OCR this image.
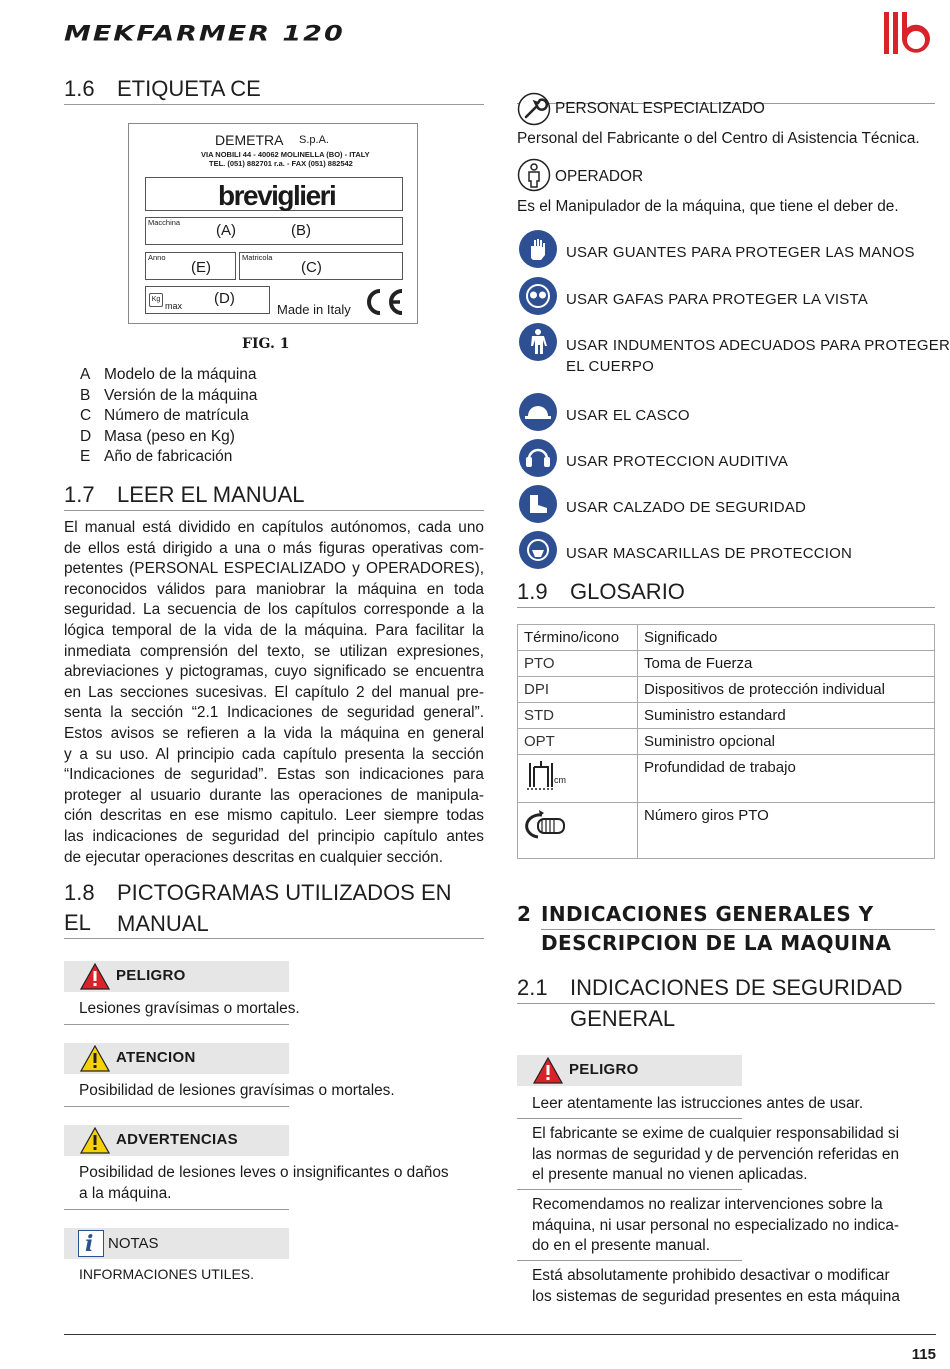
MEKFARMER 120
1.6 ETIQUETA CE
DEMETRA S.p.A.
VIA NOBILI 44 - 40062 MOLINELLA (BO) - ITALY
TEL. (051) 882701 r.a. - FAX (051) 882542
breviglieri
Macchina (A)	(B)
Anno
(E)
Matricola
(C)
Kg
max (D)
Made in Italy
FIG. 1
A Modelo de la máquina
B Versión de la máquina
C Número de matrícula
D Masa (peso en Kg)
E Año de fabricación
1.7 LEER EL MANUAL
El manual está dividido en capítulos autónomos, cada uno
de ellos está dirigido a una o más figuras operativas com-
petentes (PERSONAL ESPECIALIZADO y OPERADORES),
reconocidos válidos para maniobrar la máquina en toda
seguridad. La secuencia de los capítulos corresponde a la
lógica temporal de la vida de la máquina. Para facilitar la
inmediata comprensión del texto, se utilizan expresiones,
abreviaciones y pictogramas, cuyo significado se encuentra
en Las secciones sucesivas. El capítulo 2 del manual pre-
senta la sección “2.1 Indicaciones de seguridad general”.
Estos avisos se refieren a la vida la máquina en general
y a su uso. Al principio cada capítulo presenta la sección
“Indicaciones de seguridad”. Estas son indicaciones para
proteger al usuario durante las operaciones de manipula-
ción descritas en ese mismo capitulo. Leer siempre todas
las indicaciones de seguridad del principio capítulo antes
de ejecutar operaciones descritas en cualquier sección.
1.8 PICTOGRAMAS UTILIZADOS EN EL	MANUAL
PELIGRO
Lesiones gravísimas o mortales.
ATENCION
Posibilidad de lesiones gravísimas o mortales.
ADVERTENCIAS
Posibilidad de lesiones leves o insignificantes o daños
a la máquina.
i NOTAS
INFORMACIONES UTILES.
PERSONAL ESPECIALIZADO
Personal del Fabricante o del Centro di Asistencia Técnica.
OPERADOR
Es el Manipulador de la máquina, que tiene el deber de.
USAR GUANTES PARA PROTEGER LAS MANOS
USAR GAFAS PARA PROTEGER LA VISTA
USAR INDUMENTOS ADECUADOS PARA PROTEGER
EL CUERPO
USAR EL CASCO
USAR PROTECCION AUDITIVA
USAR CALZADO DE SEGURIDAD
USAR MASCARILLAS DE PROTECCION
1.9 GLOSARIO
Término/icono	Significado
PTO	Toma de Fuerza
DPI	Dispositivos de protección individual
STD	Suministro estandard
OPT	Suministro opcional

cm	Profundidad de trabajo
	Número giros PTO
2 INDICACIONES GENERALES Y
DESCRIPCION DE LA MAQUINA
2.1 INDICACIONES DE SEGURIDAD
GENERAL
PELIGRO
Leer atentamente las istrucciones antes de usar.
El fabricante se exime de cualquier responsabilidad si
las normas de seguridad y de pervención referidas en
el presente manual no vienen aplicadas.
Recomendamos no realizar intervenciones sobre la
máquina, ni usar personal no especializado no indica-
do en el presente manual.
Está absolutamente prohibido desactivar o modificar
los sistemas de seguridad presentes en esta máquina
115
